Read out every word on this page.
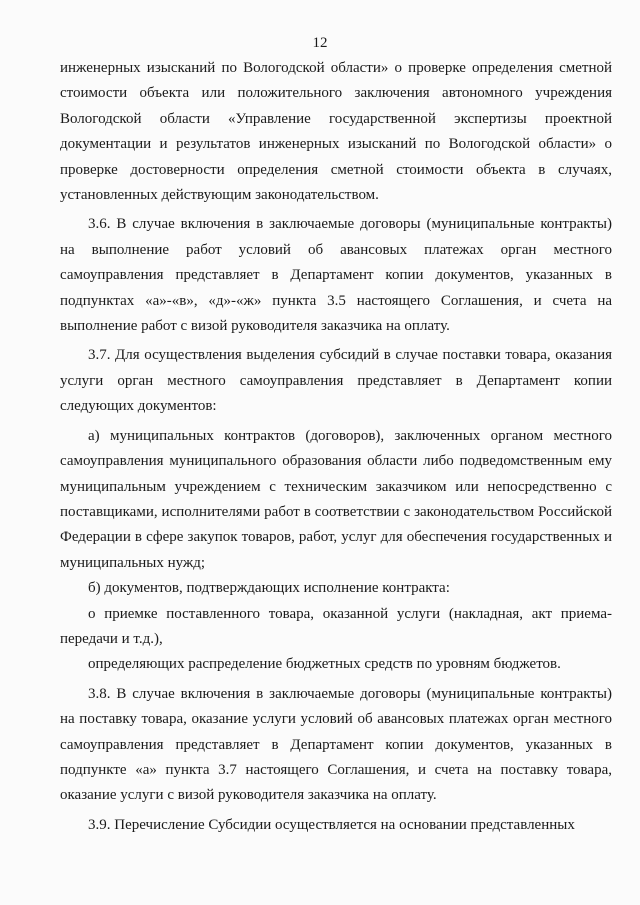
12

инженерных изысканий по Вологодской области» о проверке определения сметной стоимости объекта или положительного заключения автономного учреждения Вологодской области «Управление государственной экспертизы проектной документации и результатов инженерных изысканий по Вологодской области» о проверке достоверности определения сметной стоимости объекта в случаях, установленных действующим законодательством.

3.6. В случае включения в заключаемые договоры (муниципальные контракты) на выполнение работ условий об авансовых платежах орган местного самоуправления представляет в Департамент копии документов, указанных в подпунктах «а»-«в», «д»-«ж» пункта 3.5 настоящего Соглашения, и счета на выполнение работ с визой руководителя заказчика на оплату.

3.7. Для осуществления выделения субсидий в случае поставки товара, оказания услуги орган местного самоуправления представляет в Департамент копии следующих документов:

а) муниципальных контрактов (договоров), заключенных органом местного самоуправления муниципального образования области либо подведомственным ему муниципальным учреждением с техническим заказчиком или непосредственно с поставщиками, исполнителями работ в соответствии с законодательством Российской Федерации в сфере закупок товаров, работ, услуг для обеспечения государственных и муниципальных нужд;

б) документов, подтверждающих исполнение контракта:

о приемке поставленного товара, оказанной услуги (накладная, акт приема-передачи и т.д.),

определяющих распределение бюджетных средств по уровням бюджетов.

3.8. В случае включения в заключаемые договоры (муниципальные контракты) на поставку товара, оказание услуги условий об авансовых платежах орган местного самоуправления представляет в Департамент копии документов, указанных в подпункте «а» пункта 3.7 настоящего Соглашения, и счета на поставку товара, оказание услуги с визой руководителя заказчика на оплату.

3.9. Перечисление Субсидии осуществляется на основании представленных
